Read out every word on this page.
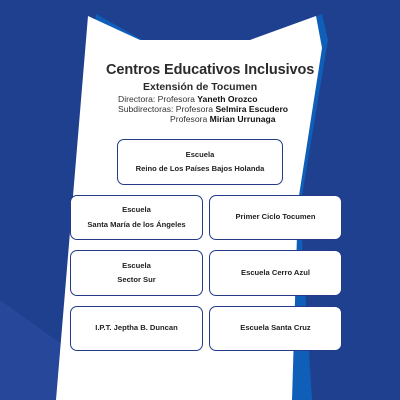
Centros Educativos Inclusivos
Extensión de Tocumen
Directora: Profesora Yaneth Orozco
Subdirectoras: Profesora Selmira Escudero
Profesora Mirian Urrunaga
Escuela
Reino de Los Países Bajos Holanda
Escuela
Santa María de los Ángeles
Primer Ciclo Tocumen
Escuela
Sector Sur
Escuela Cerro Azul
I.P.T. Jeptha B. Duncan	Escuela Santa Cruz
